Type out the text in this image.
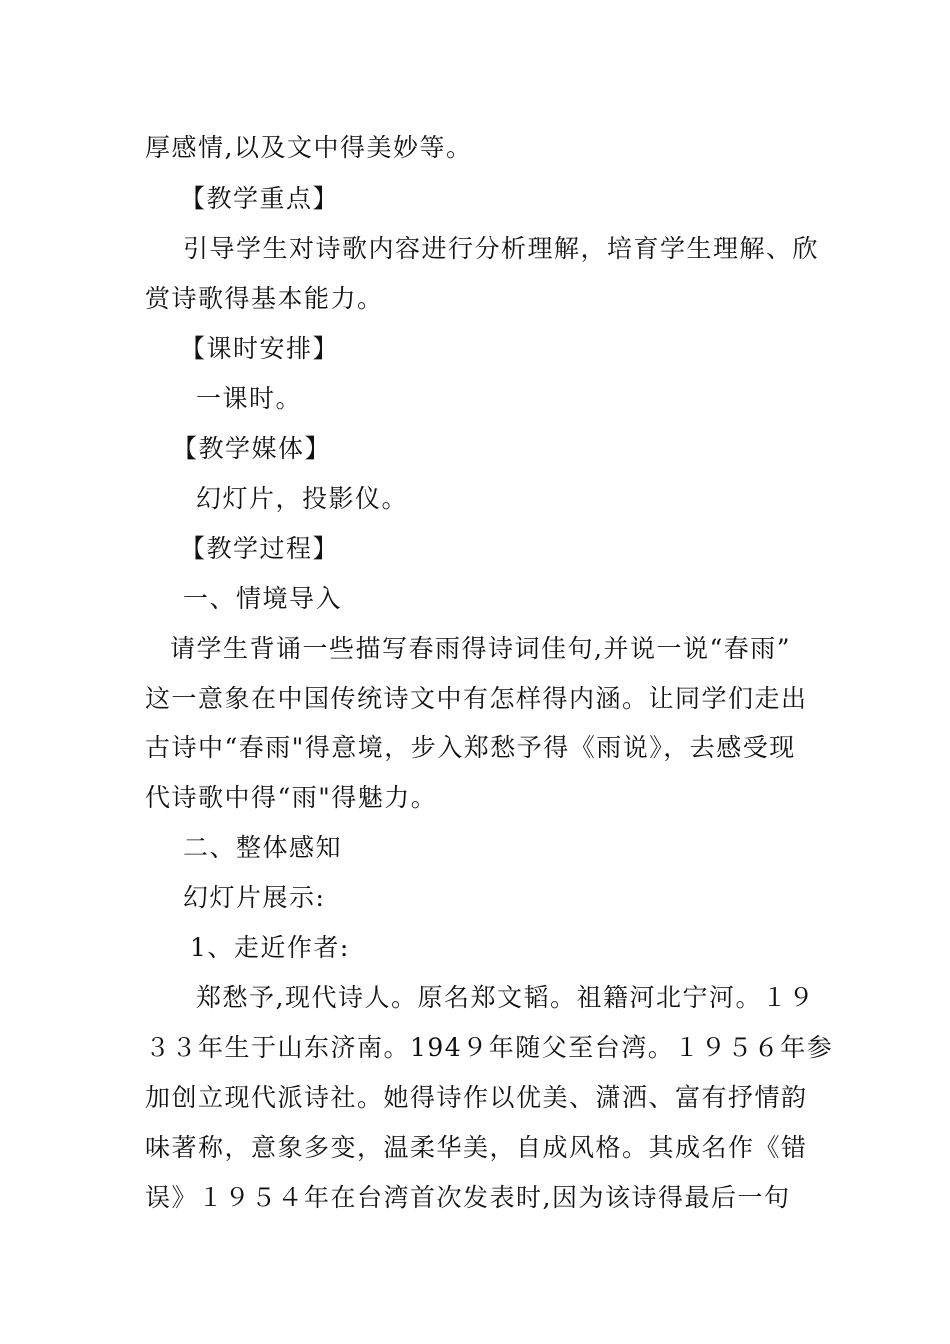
厚感情,以及文中得美妙等。
【教学重点】
引导学生对诗歌内容进行分析理解，培育学生理解、欣
赏诗歌得基本能力。
【课时安排】
一课时。
【教学媒体】
幻灯片，投影仪。
【教学过程】
一、情境导入
请学生背诵一些描写春雨得诗词佳句,并说一说“春雨”
这一意象在中国传统诗文中有怎样得内涵。让同学们走出
古诗中“春雨"得意境，步入郑愁予得《雨说》，去感受现
代诗歌中得“雨"得魅力。
二、整体感知
幻灯片展示:
1、走近作者:
郑愁予,现代诗人。原名郑文韬。祖籍河北宁河。１９
３３年生于山东济南。194９年随父至台湾。１９５６年参
加创立现代派诗社。她得诗作以优美、潇洒、富有抒情韵
味著称，意象多变，温柔华美，自成风格。其成名作《错
误》１９５４年在台湾首次发表时,因为该诗得最后一句
